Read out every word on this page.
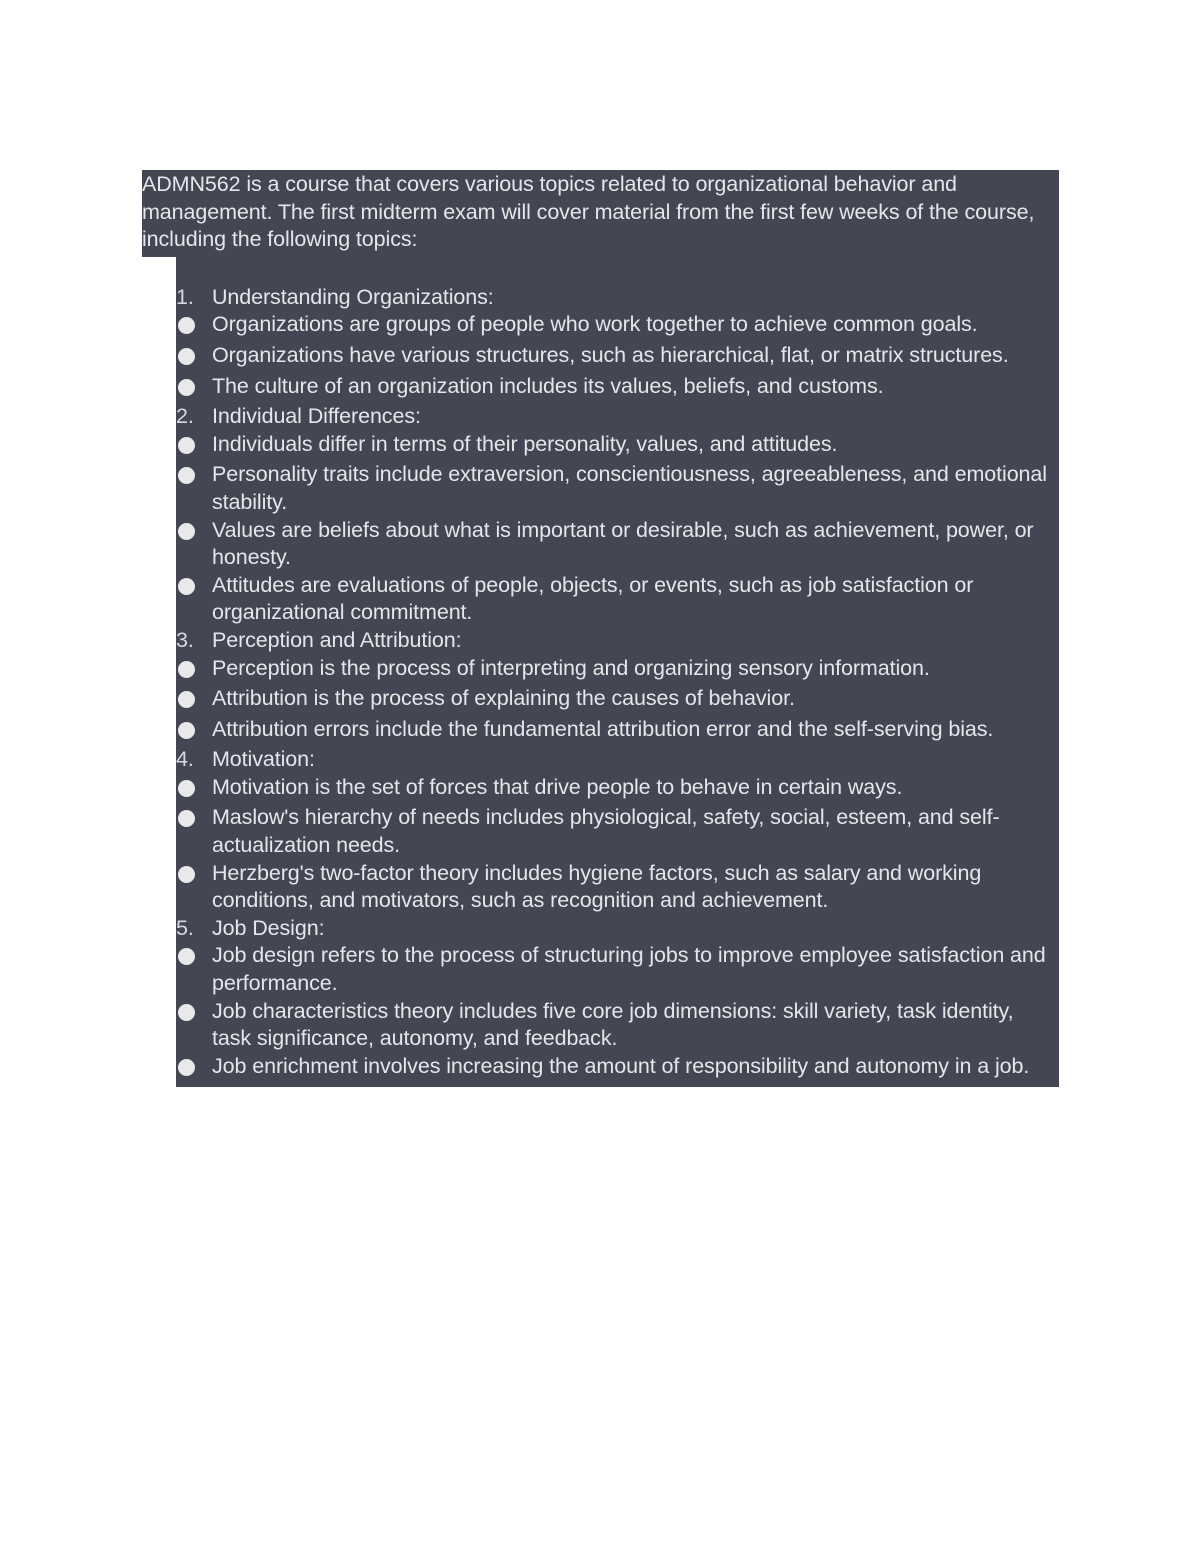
ADMN562 is a course that covers various topics related to organizational behavior and management. The first midterm exam will cover material from the first few weeks of the course, including the following topics:

1. Understanding Organizations:
Organizations are groups of people who work together to achieve common goals.
Organizations have various structures, such as hierarchical, flat, or matrix structures.
The culture of an organization includes its values, beliefs, and customs.
2. Individual Differences:
Individuals differ in terms of their personality, values, and attitudes.
Personality traits include extraversion, conscientiousness, agreeableness, and emotional stability.
Values are beliefs about what is important or desirable, such as achievement, power, or honesty.
Attitudes are evaluations of people, objects, or events, such as job satisfaction or organizational commitment.
3. Perception and Attribution:
Perception is the process of interpreting and organizing sensory information.
Attribution is the process of explaining the causes of behavior.
Attribution errors include the fundamental attribution error and the self-serving bias.
4. Motivation:
Motivation is the set of forces that drive people to behave in certain ways.
Maslow's hierarchy of needs includes physiological, safety, social, esteem, and self-actualization needs.
Herzberg's two-factor theory includes hygiene factors, such as salary and working conditions, and motivators, such as recognition and achievement.
5. Job Design:
Job design refers to the process of structuring jobs to improve employee satisfaction and performance.
Job characteristics theory includes five core job dimensions: skill variety, task identity, task significance, autonomy, and feedback.
Job enrichment involves increasing the amount of responsibility and autonomy in a job.
